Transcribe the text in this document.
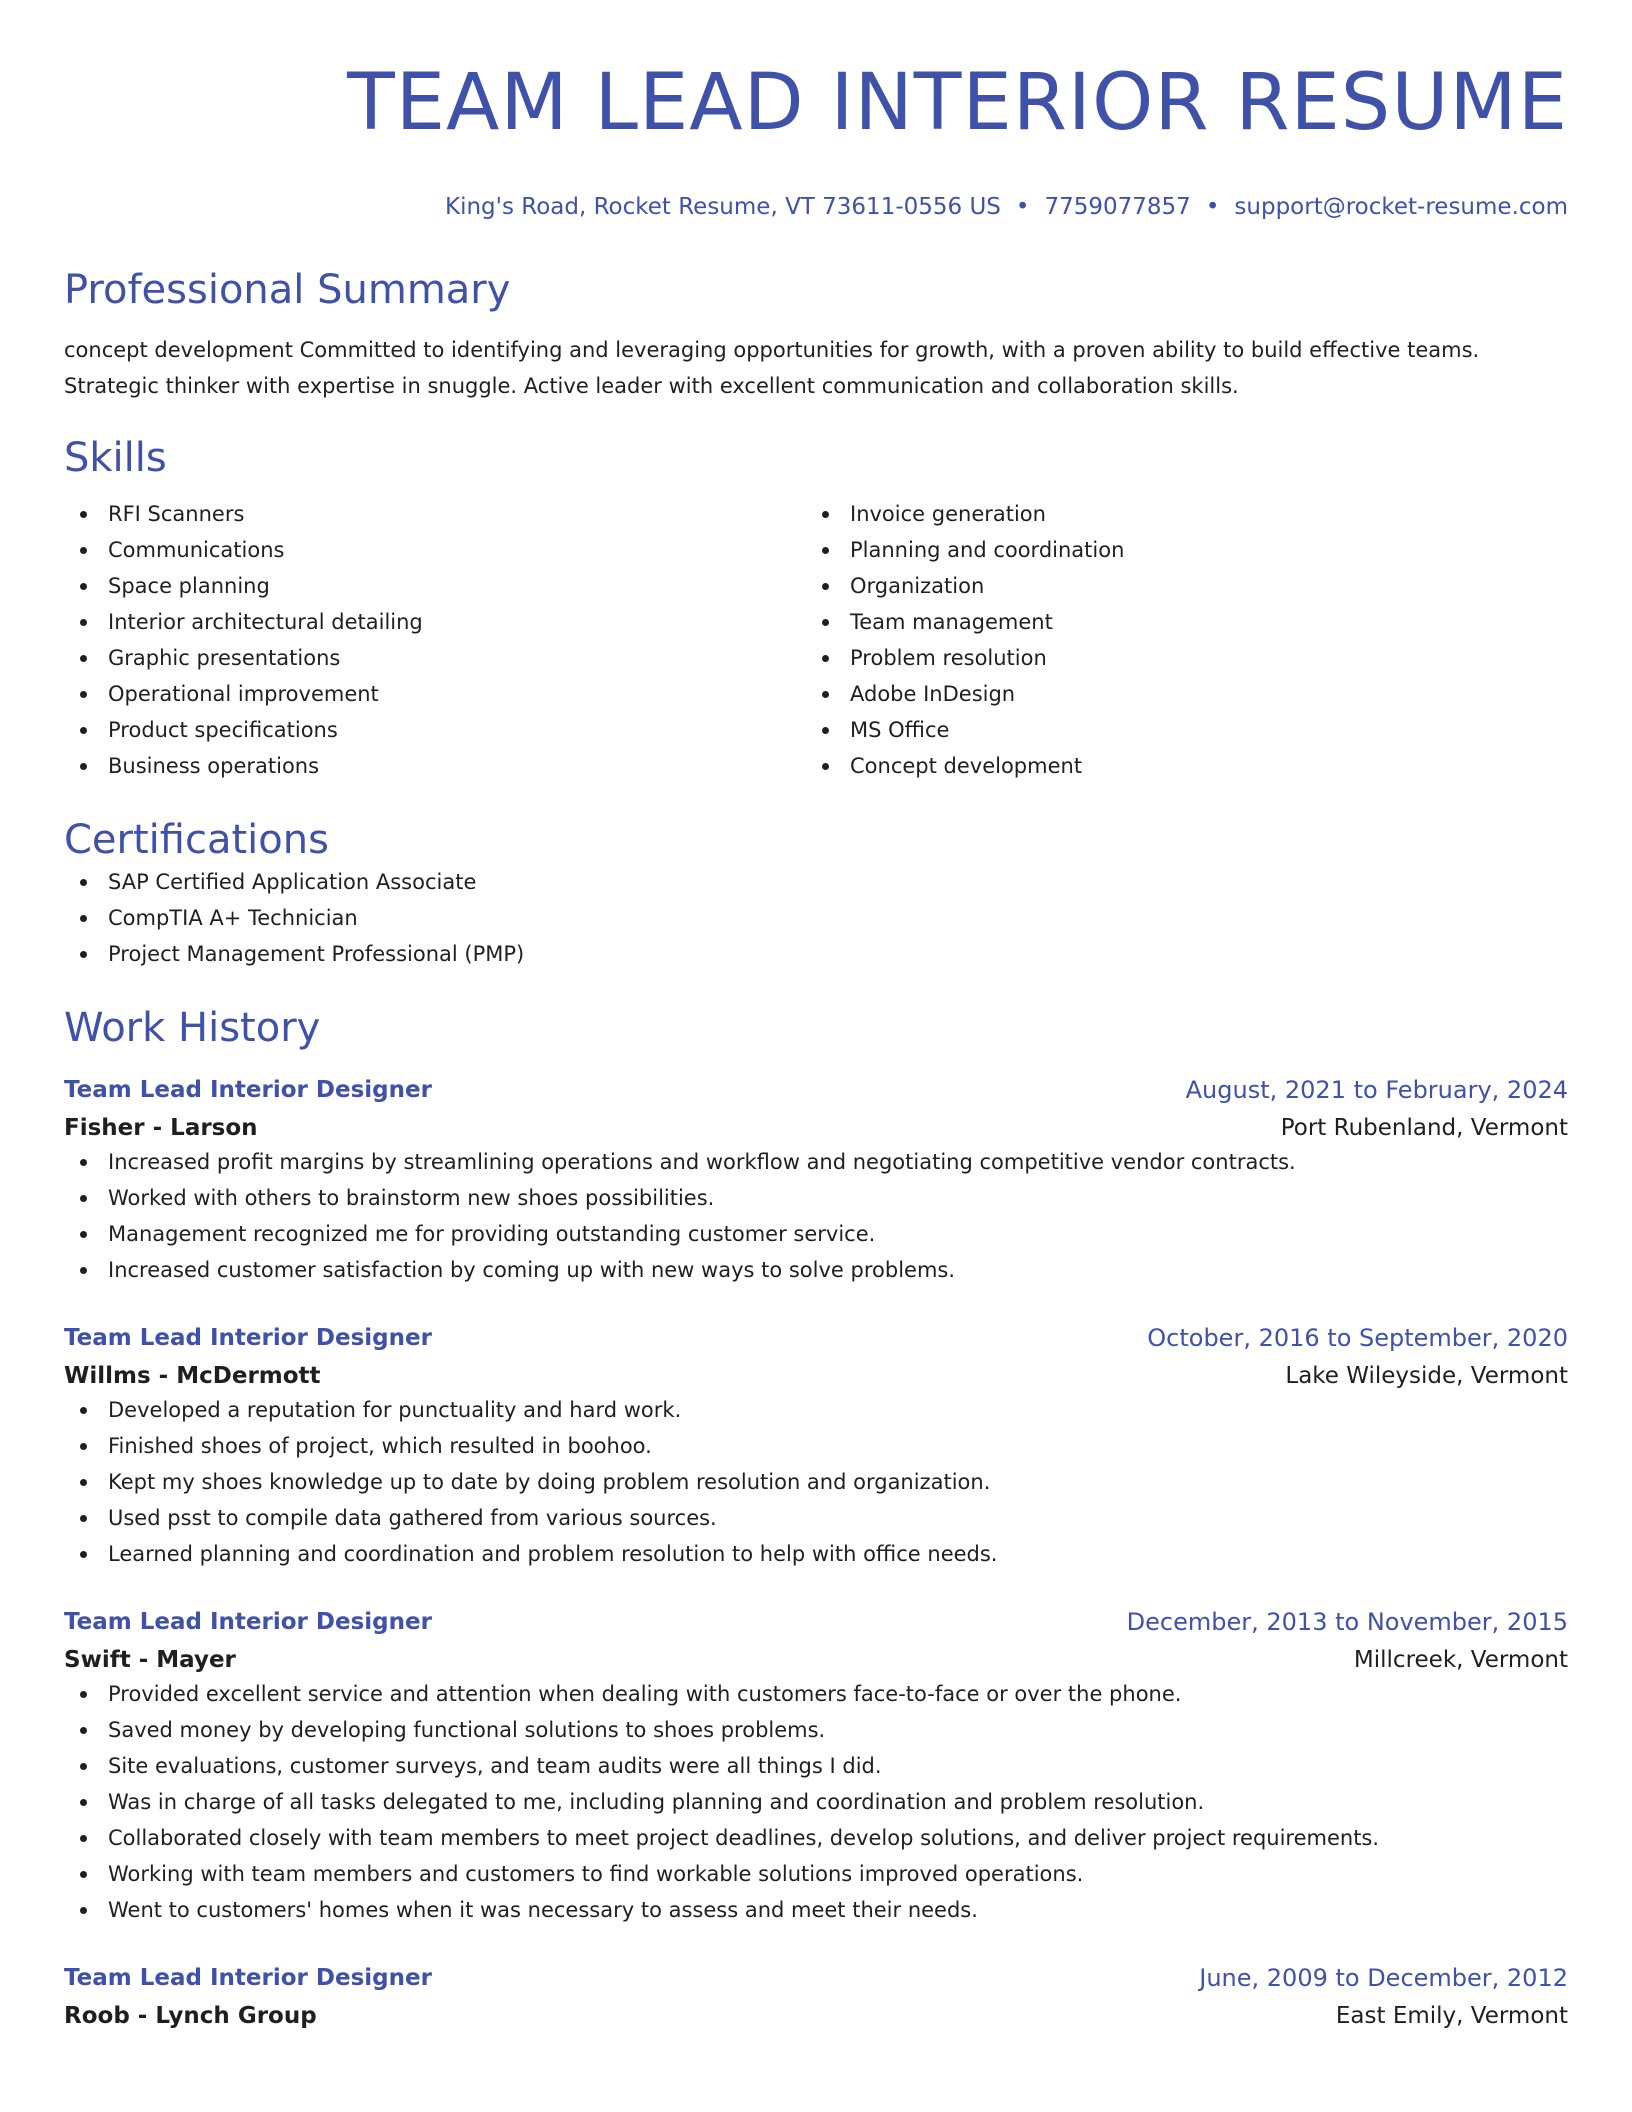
TEAM LEAD INTERIOR RESUME
King's Road, Rocket Resume, VT 73611-0556 US • 7759077857 • support@rocket-resume.com
Professional Summary

concept development Committed to identifying and leveraging opportunities for growth, with a proven ability to build effective teams. Strategic thinker with expertise in snuggle. Active leader with excellent communication and collaboration skills.

Skills
RFI Scanners
Communications
Space planning
Interior architectural detailing
Graphic presentations
Operational improvement
Product specifications
Business operations
Invoice generation
Planning and coordination
Organization
Team management
Problem resolution
Adobe InDesign
MS Office
Concept development
Certifications
SAP Certified Application Associate
CompTIA A+ Technician
Project Management Professional (PMP)
Work History
Team Lead Interior Designer	August, 2021 to February, 2024
Fisher - Larson	Port Rubenland, Vermont
Increased profit margins by streamlining operations and workflow and negotiating competitive vendor contracts.
Worked with others to brainstorm new shoes possibilities.
Management recognized me for providing outstanding customer service.
Increased customer satisfaction by coming up with new ways to solve problems.
Team Lead Interior Designer	October, 2016 to September, 2020
Willms - McDermott	Lake Wileyside, Vermont
Developed a reputation for punctuality and hard work.
Finished shoes of project, which resulted in boohoo.
Kept my shoes knowledge up to date by doing problem resolution and organization.
Used psst to compile data gathered from various sources.
Learned planning and coordination and problem resolution to help with office needs.
Team Lead Interior Designer	December, 2013 to November, 2015
Swift - Mayer	Millcreek, Vermont
Provided excellent service and attention when dealing with customers face-to-face or over the phone.
Saved money by developing functional solutions to shoes problems.
Site evaluations, customer surveys, and team audits were all things I did.
Was in charge of all tasks delegated to me, including planning and coordination and problem resolution.
Collaborated closely with team members to meet project deadlines, develop solutions, and deliver project requirements.
Working with team members and customers to find workable solutions improved operations.
Went to customers' homes when it was necessary to assess and meet their needs.
Team Lead Interior Designer	June, 2009 to December, 2012
Roob - Lynch Group	East Emily, Vermont
